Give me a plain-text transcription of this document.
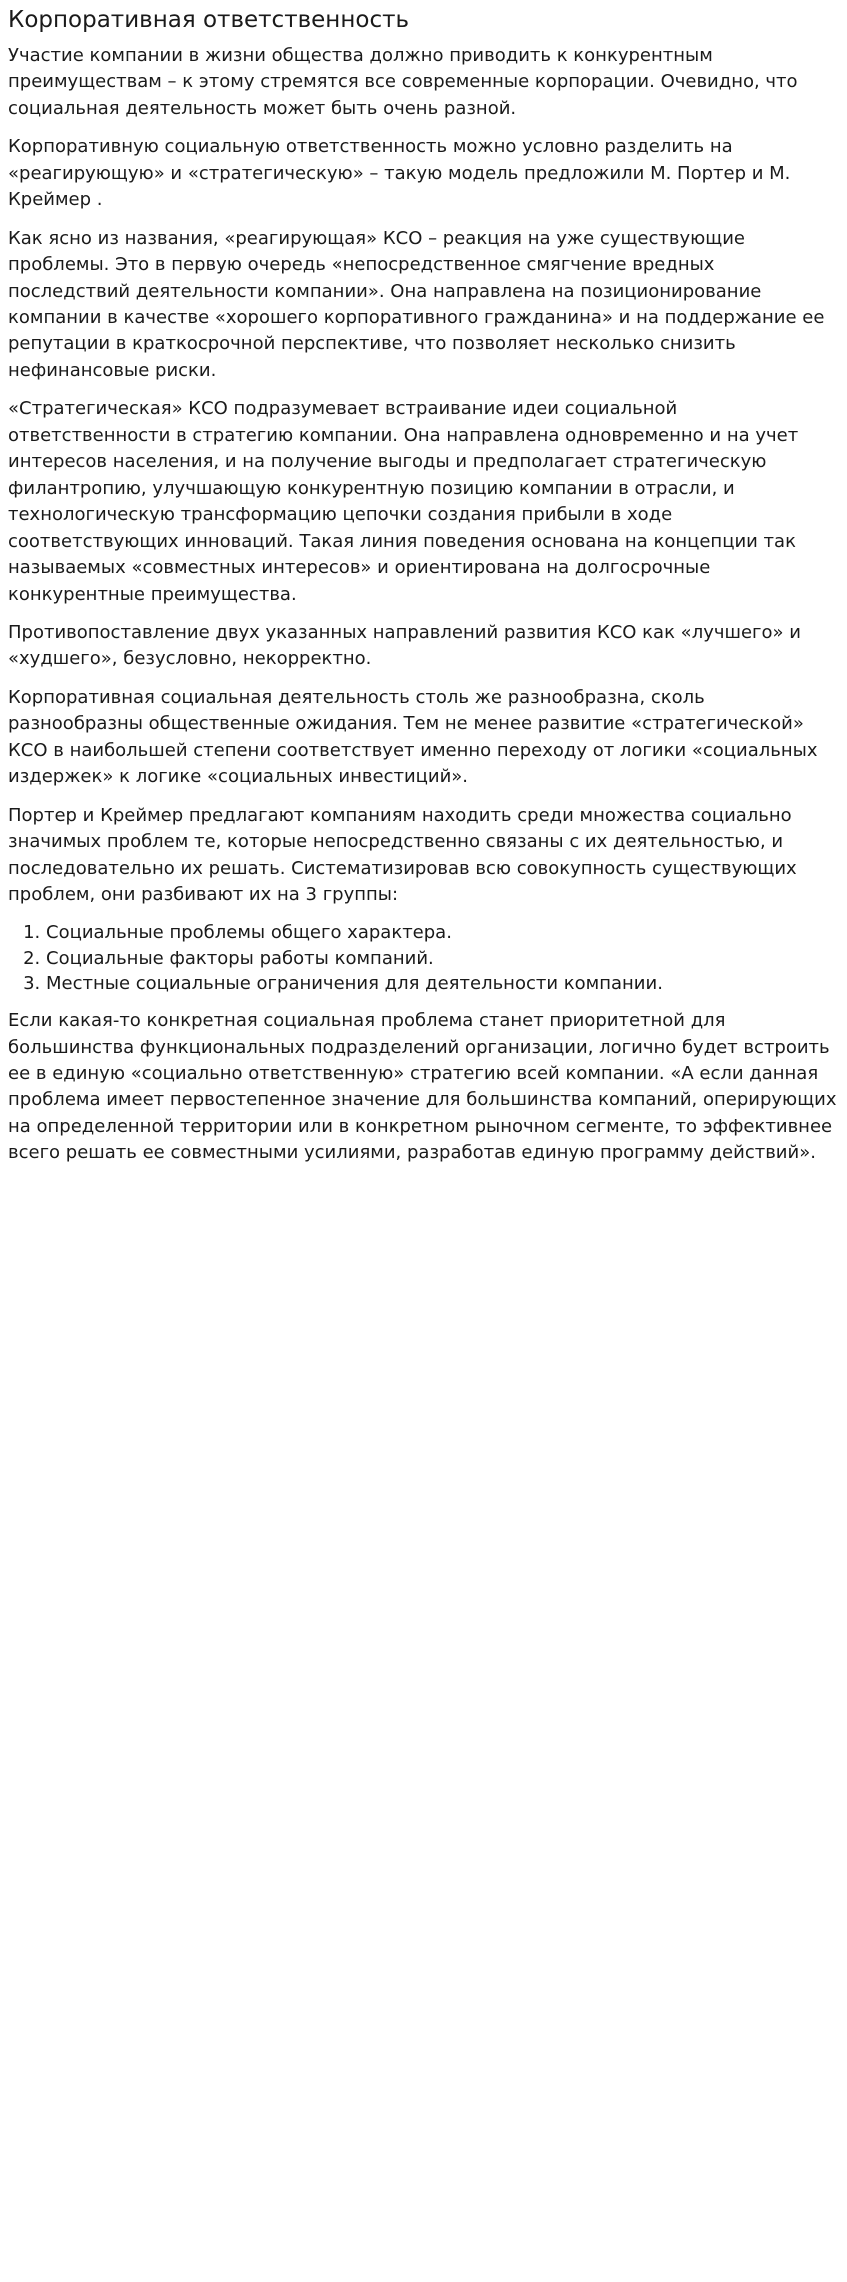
Корпоративная ответственность

Участие компании в жизни общества должно приводить к конкурентным преимуществам – к этому стремятся все современные корпорации. Очевидно, что социальная деятельность может быть очень разной.

Корпоративную социальную ответственность можно условно разделить на «реагирующую» и «стратегическую» – такую модель предложили М. Портер и М. Креймер .

Как ясно из названия, «реагирующая» КСО – реакция на уже существующие проблемы. Это в первую очередь «непосредственное смягчение вредных последствий деятельности компании». Она направлена на позиционирование компании в качестве «хорошего корпоративного гражданина» и на поддержание ее репутации в краткосрочной перспективе, что позволяет несколько снизить нефинансовые риски.

«Стратегическая» КСО подразумевает встраивание идеи социальной ответственности в стратегию компании. Она направлена одновременно и на учет интересов населения, и на получение выгоды и предполагает стратегическую филантропию, улучшающую конкурентную позицию компании в отрасли, и технологическую трансформацию цепочки создания прибыли в ходе соответствующих инноваций. Такая линия поведения основана на концепции так называемых «совместных интересов» и ориентирована на долгосрочные конкурентные преимущества.

Противопоставление двух указанных направлений развития КСО как «лучшего» и «худшего», безусловно, некорректно.

Корпоративная социальная деятельность столь же разнообразна, сколь разнообразны общественные ожидания. Тем не менее развитие «стратегической» КСО в наибольшей степени соответствует именно переходу от логики «социальных издержек» к логике «социальных инвестиций».

Портер и Креймер предлагают компаниям находить среди множества социально значимых проблем те, которые непосредственно связаны с их деятельностью, и последовательно их решать. Систематизировав всю совокупность существующих проблем, они разбивают их на 3 группы:

1. Социальные проблемы общего характера.
2. Социальные факторы работы компаний.
3. Местные социальные ограничения для деятельности компании.

Если какая-то конкретная социальная проблема станет приоритетной для большинства функциональных подразделений организации, логично будет встроить ее в единую «социально ответственную» стратегию всей компании. «А если данная проблема имеет первостепенное значение для большинства компаний, оперирующих на определенной территории или в конкретном рыночном сегменте, то эффективнее всего решать ее совместными усилиями, разработав единую программу действий».
